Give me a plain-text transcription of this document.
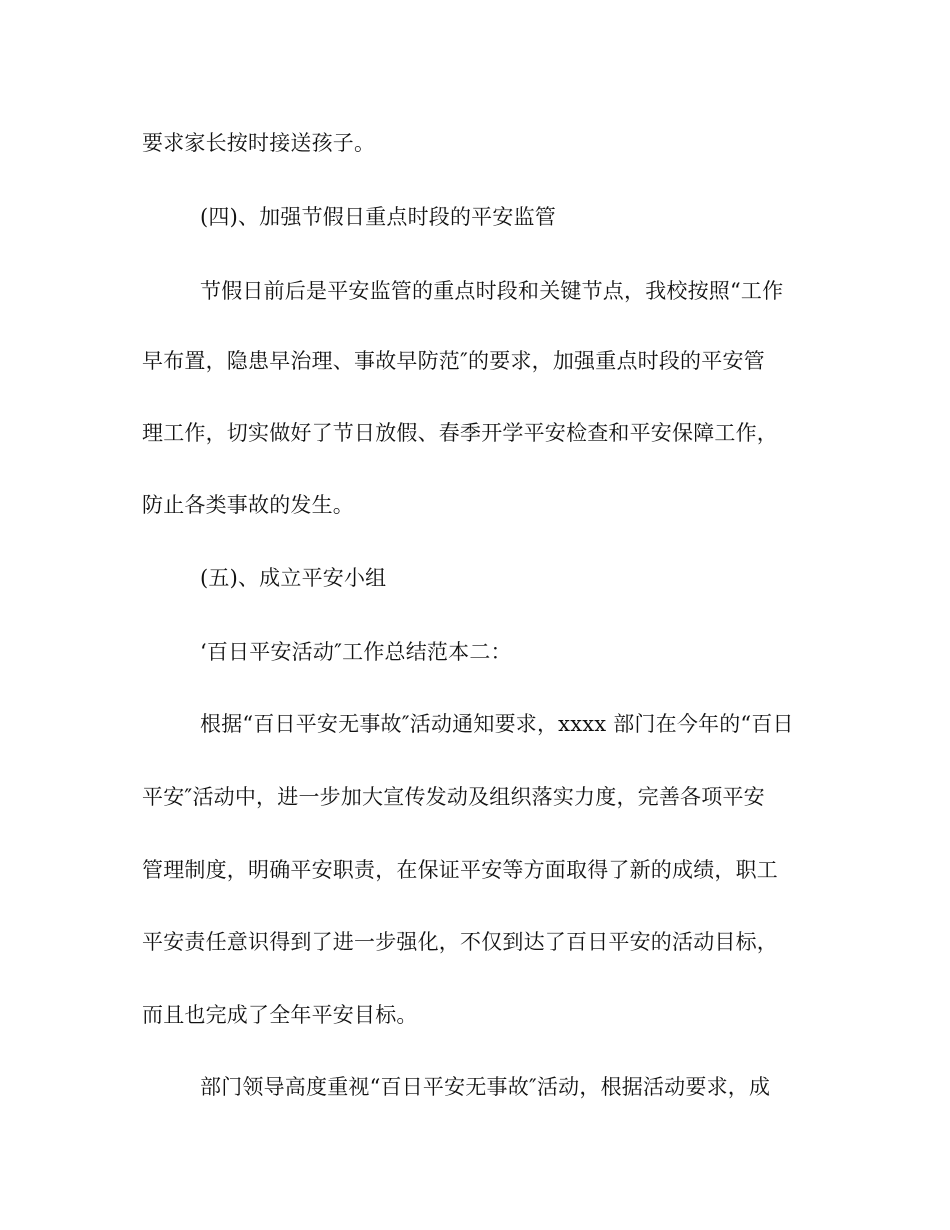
要求家长按时接送孩子。
(四)、加强节假日重点时段的平安监管
节假日前后是平安监管的重点时段和关键节点，我校按照“工作
早布置，隐患早治理、事故早防范″的要求，加强重点时段的平安管
理工作，切实做好了节日放假、春季开学平安检查和平安保障工作，
防止各类事故的发生。
(五)、成立平安小组
‘百日平安活动″工作总结范本二：
根据“百日平安无事故″活动通知要求，xxxx 部门在今年的“百日
平安″活动中，进一步加大宣传发动及组织落实力度，完善各项平安
管理制度，明确平安职责，在保证平安等方面取得了新的成绩，职工
平安责任意识得到了进一步强化，不仅到达了百日平安的活动目标，
而且也完成了全年平安目标。
部门领导高度重视“百日平安无事故″活动，根据活动要求，成
